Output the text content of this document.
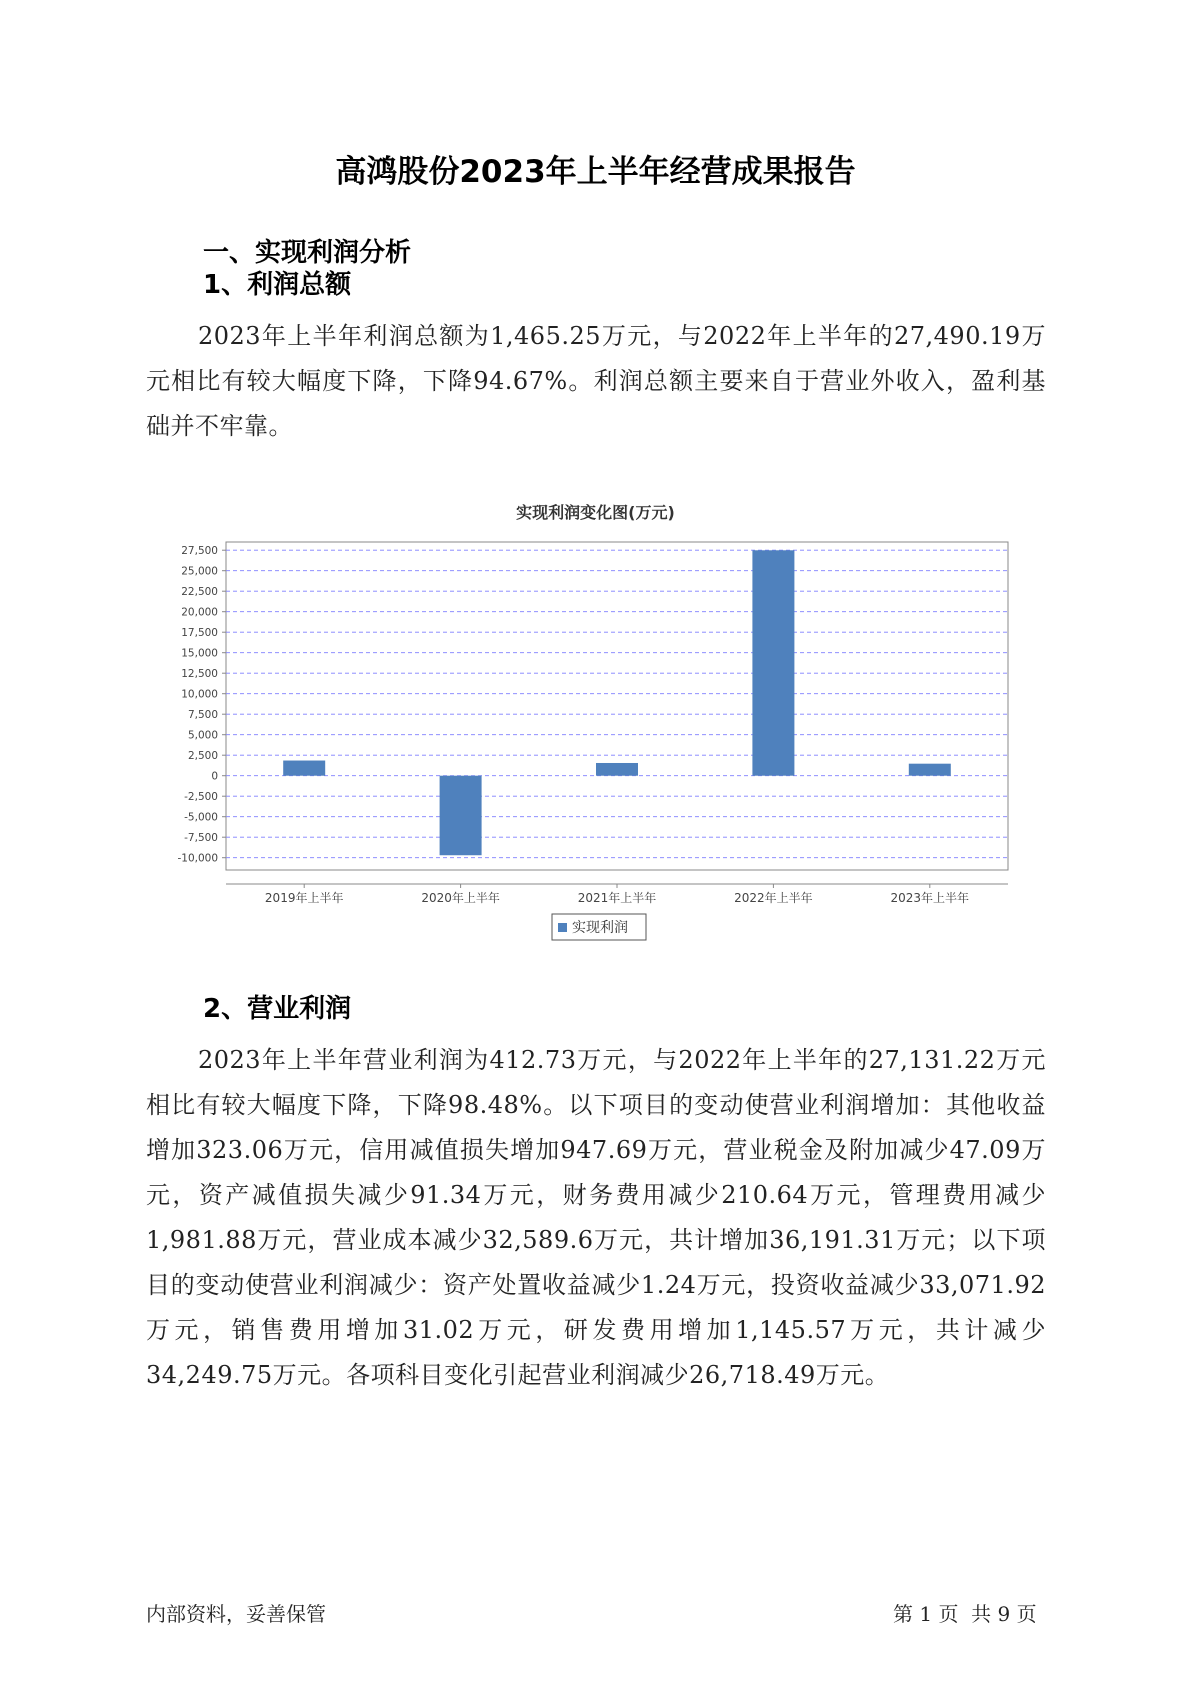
高鸿股份2023年上半年经营成果报告
一、实现利润分析
1、利润总额

2023年上半年利润总额为1,465.25万元，与2022年上半年的27,490.19万元相比有较大幅度下降，下降94.67%。利润总额主要来自于营业外收入，盈利基础并不牢靠。

实现利润变化图(万元)
27,500
25,000
22,500
20,000
17,500
15,000
12,500
10,000
7,500
5,000
2,500
0
-2,500
-5,000
-7,500
-10,000
2019年上半年	2020年上半年	2021年上半年	2022年上半年	2023年上半年
实现利润
2、营业利润

2023年上半年营业利润为412.73万元，与2022年上半年的27,131.22万元相比有较大幅度下降，下降98.48%。以下项目的变动使营业利润增加：其他收益增加323.06万元，信用减值损失增加947.69万元，营业税金及附加减少47.09万元，资产减值损失减少91.34万元，财务费用减少210.64万元，管理费用减少1,981.88万元，营业成本减少32,589.6万元，共计增加36,191.31万元；以下项目的变动使营业利润减少：资产处置收益减少1.24万元，投资收益减少33,071.92万元，销售费用增加31.02万元，研发费用增加1,145.57万元，共计减少34,249.75万元。各项科目变化引起营业利润减少26,718.49万元。

内部资料，妥善保管	第 1 页  共 9 页
